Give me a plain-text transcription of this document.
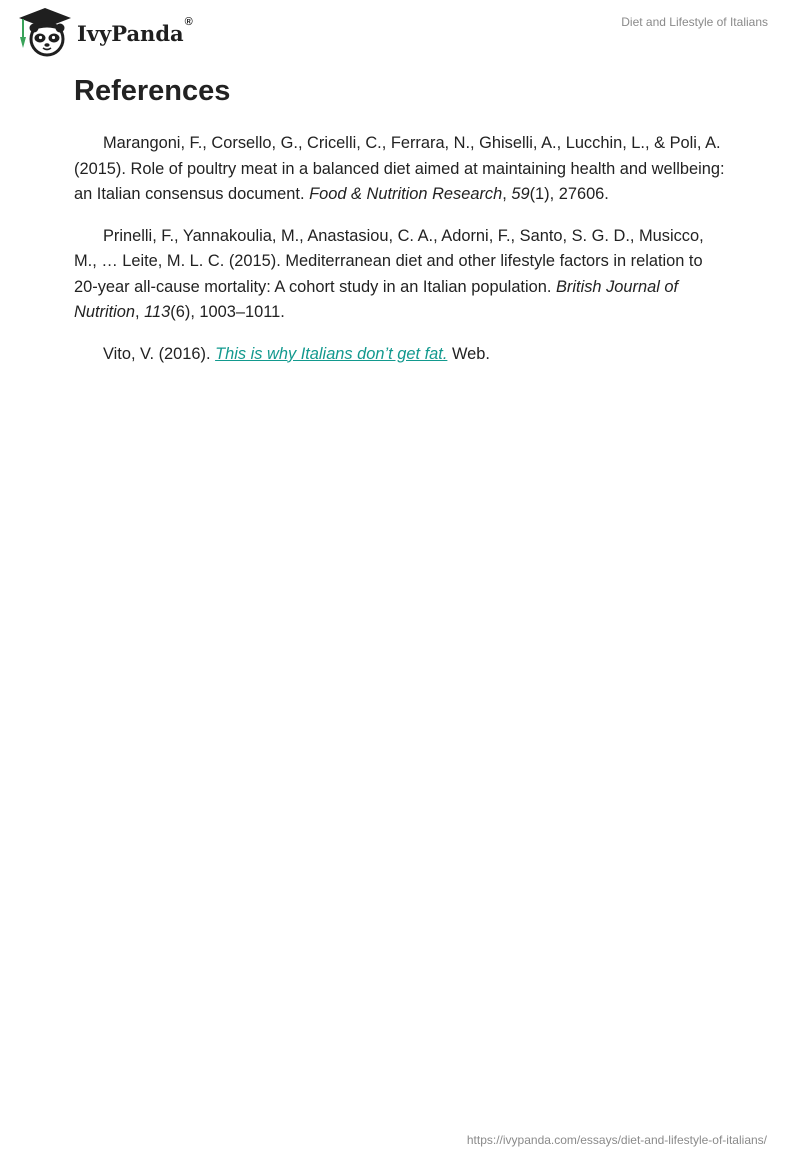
IvyPanda®	Diet and Lifestyle of Italians
References

Marangoni, F., Corsello, G., Cricelli, C., Ferrara, N., Ghiselli, A., Lucchin, L., & Poli, A. (2015). Role of poultry meat in a balanced diet aimed at maintaining health and wellbeing: an Italian consensus document. Food & Nutrition Research, 59(1), 27606.

Prinelli, F., Yannakoulia, M., Anastasiou, C. A., Adorni, F., Santo, S. G. D., Musicco, M., … Leite, M. L. C. (2015). Mediterranean diet and other lifestyle factors in relation to 20-year all-cause mortality: A cohort study in an Italian population. British Journal of Nutrition, 113(6), 1003–1011.

Vito, V. (2016). This is why Italians don’t get fat. Web.

https://ivypanda.com/essays/diet-and-lifestyle-of-italians/
